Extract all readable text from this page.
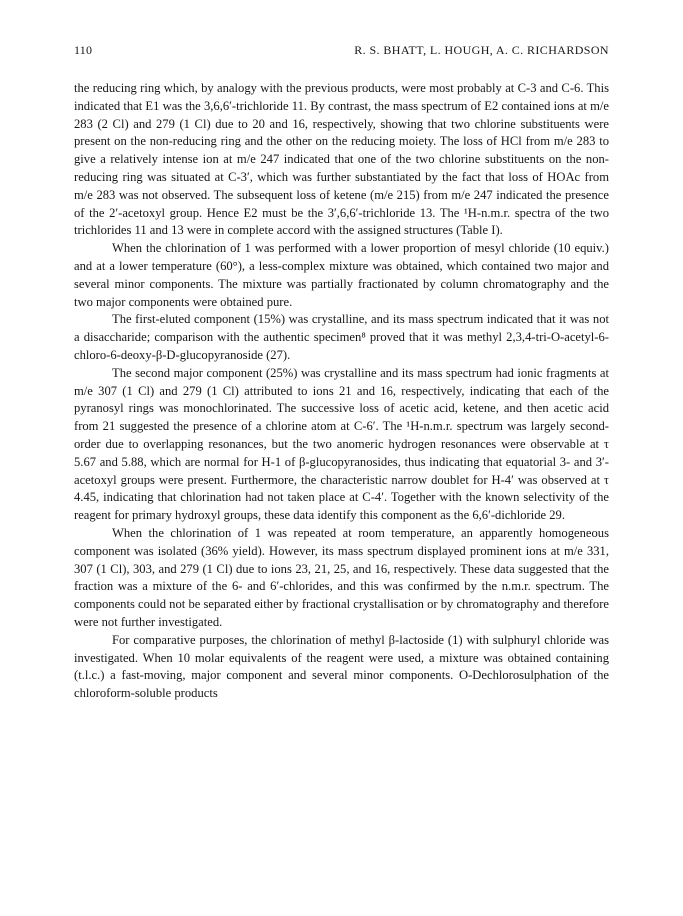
110	R. S. BHATT, L. HOUGH, A. C. RICHARDSON

the reducing ring which, by analogy with the previous products, were most probably at C-3 and C-6. This indicated that E1 was the 3,6,6′-trichloride 11. By contrast, the mass spectrum of E2 contained ions at m/e 283 (2 Cl) and 279 (1 Cl) due to 20 and 16, respectively, showing that two chlorine substituents were present on the non-reducing ring and the other on the reducing moiety. The loss of HCl from m/e 283 to give a relatively intense ion at m/e 247 indicated that one of the two chlorine substituents on the non-reducing ring was situated at C-3′, which was further substantiated by the fact that loss of HOAc from m/e 283 was not observed. The subsequent loss of ketene (m/e 215) from m/e 247 indicated the presence of the 2′-acetoxyl group. Hence E2 must be the 3′,6,6′-trichloride 13. The ¹H-n.m.r. spectra of the two trichlorides 11 and 13 were in complete accord with the assigned structures (Table I).

When the chlorination of 1 was performed with a lower proportion of mesyl chloride (10 equiv.) and at a lower temperature (60°), a less-complex mixture was obtained, which contained two major and several minor components. The mixture was partially fractionated by column chromatography and the two major components were obtained pure.

The first-eluted component (15%) was crystalline, and its mass spectrum indicated that it was not a disaccharide; comparison with the authentic specimen⁸ proved that it was methyl 2,3,4-tri-O-acetyl-6-chloro-6-deoxy-β-D-glucopyranoside (27).

The second major component (25%) was crystalline and its mass spectrum had ionic fragments at m/e 307 (1 Cl) and 279 (1 Cl) attributed to ions 21 and 16, respectively, indicating that each of the pyranosyl rings was monochlorinated. The successive loss of acetic acid, ketene, and then acetic acid from 21 suggested the presence of a chlorine atom at C-6′. The ¹H-n.m.r. spectrum was largely second-order due to overlapping resonances, but the two anomeric hydrogen resonances were observable at τ 5.67 and 5.88, which are normal for H-1 of β-glucopyranosides, thus indicating that equatorial 3- and 3′-acetoxyl groups were present. Furthermore, the characteristic narrow doublet for H-4′ was observed at τ 4.45, indicating that chlorination had not taken place at C-4′. Together with the known selectivity of the reagent for primary hydroxyl groups, these data identify this component as the 6,6′-dichloride 29.

When the chlorination of 1 was repeated at room temperature, an apparently homogeneous component was isolated (36% yield). However, its mass spectrum displayed prominent ions at m/e 331, 307 (1 Cl), 303, and 279 (1 Cl) due to ions 23, 21, 25, and 16, respectively. These data suggested that the fraction was a mixture of the 6- and 6′-chlorides, and this was confirmed by the n.m.r. spectrum. The components could not be separated either by fractional crystallisation or by chromatography and therefore were not further investigated.

For comparative purposes, the chlorination of methyl β-lactoside (1) with sulphuryl chloride was investigated. When 10 molar equivalents of the reagent were used, a mixture was obtained containing (t.l.c.) a fast-moving, major component and several minor components. O-Dechlorosulphation of the chloroform-soluble products
